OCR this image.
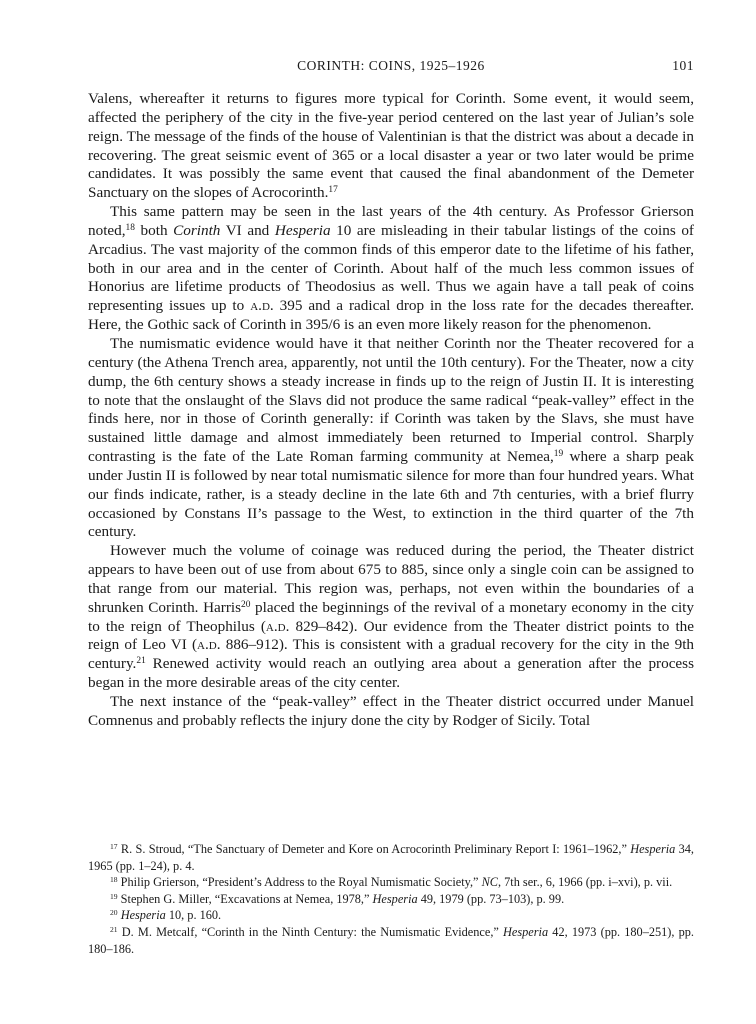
CORINTH: COINS, 1925–1926	101

Valens, whereafter it returns to figures more typical for Corinth. Some event, it would seem, affected the periphery of the city in the five-year period centered on the last year of Julian’s sole reign. The message of the finds of the house of Valentinian is that the district was about a decade in recovering. The great seismic event of 365 or a local disaster a year or two later would be prime candidates. It was possibly the same event that caused the final abandonment of the Demeter Sanctuary on the slopes of Acrocorinth.$^{17}$

This same pattern may be seen in the last years of the 4th century. As Professor Grierson noted,$^{18}$ both Corinth VI and Hesperia 10 are misleading in their tabular listings of the coins of Arcadius. The vast majority of the common finds of this emperor date to the lifetime of his father, both in our area and in the center of Corinth. About half of the much less common issues of Honorius are lifetime products of Theodosius as well. Thus we again have a tall peak of coins representing issues up to a.d. 395 and a radical drop in the loss rate for the decades thereafter. Here, the Gothic sack of Corinth in 395/6 is an even more likely reason for the phenomenon.

The numismatic evidence would have it that neither Corinth nor the Theater recovered for a century (the Athena Trench area, apparently, not until the 10th century). For the Theater, now a city dump, the 6th century shows a steady increase in finds up to the reign of Justin II. It is interesting to note that the onslaught of the Slavs did not produce the same radical “peak-valley” effect in the finds here, nor in those of Corinth generally: if Corinth was taken by the Slavs, she must have sustained little damage and almost immediately been returned to Imperial control. Sharply contrasting is the fate of the Late Roman farming community at Nemea,$^{19}$ where a sharp peak under Justin II is followed by near total numismatic silence for more than four hundred years. What our finds indicate, rather, is a steady decline in the late 6th and 7th centuries, with a brief flurry occasioned by Constans II’s passage to the West, to extinction in the third quarter of the 7th century.

However much the volume of coinage was reduced during the period, the Theater district appears to have been out of use from about 675 to 885, since only a single coin can be assigned to that range from our material. This region was, perhaps, not even within the boundaries of a shrunken Corinth. Harris$^{20}$ placed the beginnings of the revival of a monetary economy in the city to the reign of Theophilus (a.d. 829–842). Our evidence from the Theater district points to the reign of Leo VI (a.d. 886–912). This is consistent with a gradual recovery for the city in the 9th century.$^{21}$ Renewed activity would reach an outlying area about a generation after the process began in the more desirable areas of the city center.

The next instance of the “peak-valley” effect in the Theater district occurred under Manuel Comnenus and probably reflects the injury done the city by Rodger of Sicily. Total

$^{17}$ R. S. Stroud, “The Sanctuary of Demeter and Kore on Acrocorinth Preliminary Report I: 1961–1962,” Hesperia 34, 1965 (pp. 1–24), p. 4.

$^{18}$ Philip Grierson, “President’s Address to the Royal Numismatic Society,” NC, 7th ser., 6, 1966 (pp. i–xvi), p. vii.

$^{19}$ Stephen G. Miller, “Excavations at Nemea, 1978,” Hesperia 49, 1979 (pp. 73–103), p. 99.

$^{20}$ Hesperia 10, p. 160.

$^{21}$ D. M. Metcalf, “Corinth in the Ninth Century: the Numismatic Evidence,” Hesperia 42, 1973 (pp. 180–251), pp. 180–186.
